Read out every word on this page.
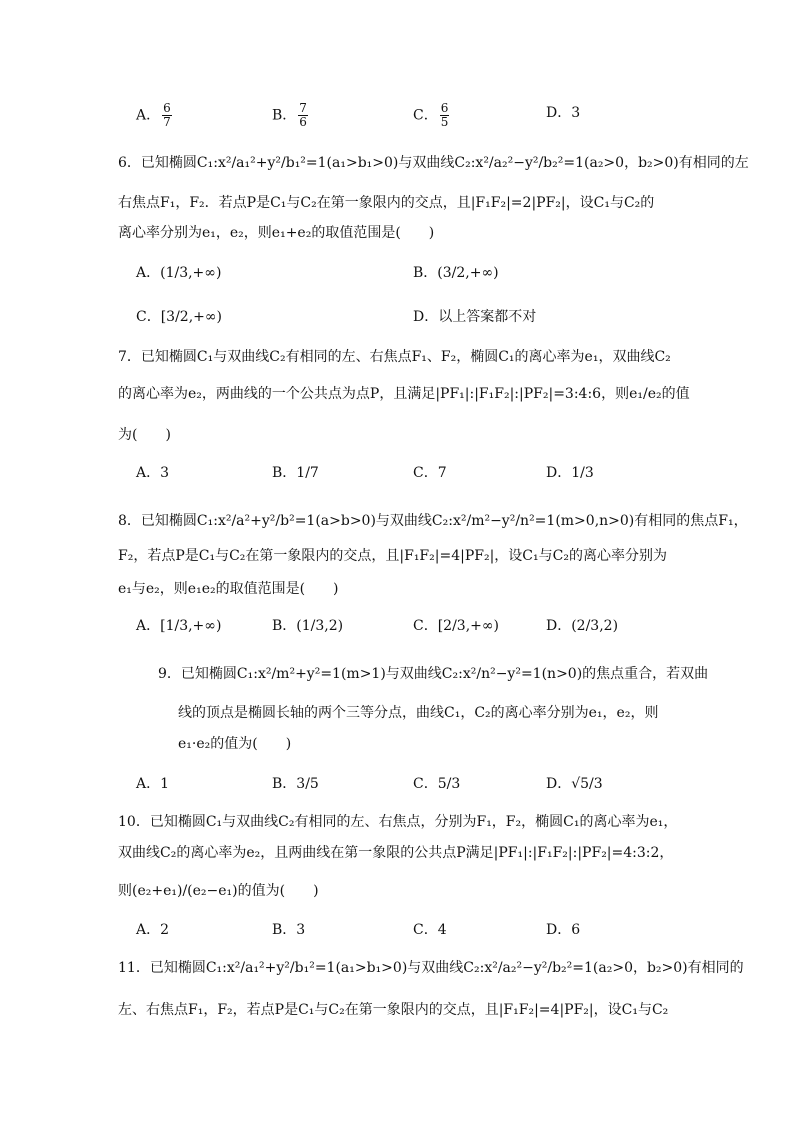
A． $\frac{6}{7}$	B． $\frac{7}{6}$	C． $\frac{6}{5}$	D．3
6．已知椭圆C₁:x²/a₁²+y²/b₁²=1(a₁>b₁>0)与双曲线C₂:x²/a₂²−y²/b₂²=1(a₂>0，b₂>0)有相同的左
右焦点F₁，F₂．若点P是C₁与C₂在第一象限内的交点，且|F₁F₂|=2|PF₂|，设C₁与C₂的
离心率分别为e₁，e₂，则e₁+e₂的取值范围是(　　)
A．(1/3,+∞)	B．(3/2,+∞)
C．[3/2,+∞)	D．以上答案都不对
7．已知椭圆C₁与双曲线C₂有相同的左、右焦点F₁、F₂，椭圆C₁的离心率为e₁，双曲线C₂
的离心率为e₂，两曲线的一个公共点为点P，且满足|PF₁|:|F₁F₂|:|PF₂|=3:4:6，则e₁/e₂的值
为(　　)
A．3	B．1/7	C．7	D．1/3
8．已知椭圆C₁:x²/a²+y²/b²=1(a>b>0)与双曲线C₂:x²/m²−y²/n²=1(m>0,n>0)有相同的焦点F₁，
F₂，若点P是C₁与C₂在第一象限内的交点，且|F₁F₂|=4|PF₂|，设C₁与C₂的离心率分别为
e₁与e₂，则e₁e₂的取值范围是(　　)
A．[1/3,+∞)	B．(1/3,2)	C．[2/3,+∞)	D．(2/3,2)
9．已知椭圆C₁:x²/m²+y²=1(m>1)与双曲线C₂:x²/n²−y²=1(n>0)的焦点重合，若双曲
线的顶点是椭圆长轴的两个三等分点，曲线C₁，C₂的离心率分别为e₁，e₂，则
e₁·e₂的值为(　　)
A．1	B．3/5	C．5/3	D．√5/3
10．已知椭圆C₁与双曲线C₂有相同的左、右焦点，分别为F₁，F₂，椭圆C₁的离心率为e₁，
双曲线C₂的离心率为e₂，且两曲线在第一象限的公共点P满足|PF₁|:|F₁F₂|:|PF₂|=4:3:2，
则(e₂+e₁)/(e₂−e₁)的值为(　　)
A．2	B．3	C．4	D．6
11．已知椭圆C₁:x²/a₁²+y²/b₁²=1(a₁>b₁>0)与双曲线C₂:x²/a₂²−y²/b₂²=1(a₂>0，b₂>0)有相同的
左、右焦点F₁，F₂，若点P是C₁与C₂在第一象限内的交点，且|F₁F₂|=4|PF₂|，设C₁与C₂
